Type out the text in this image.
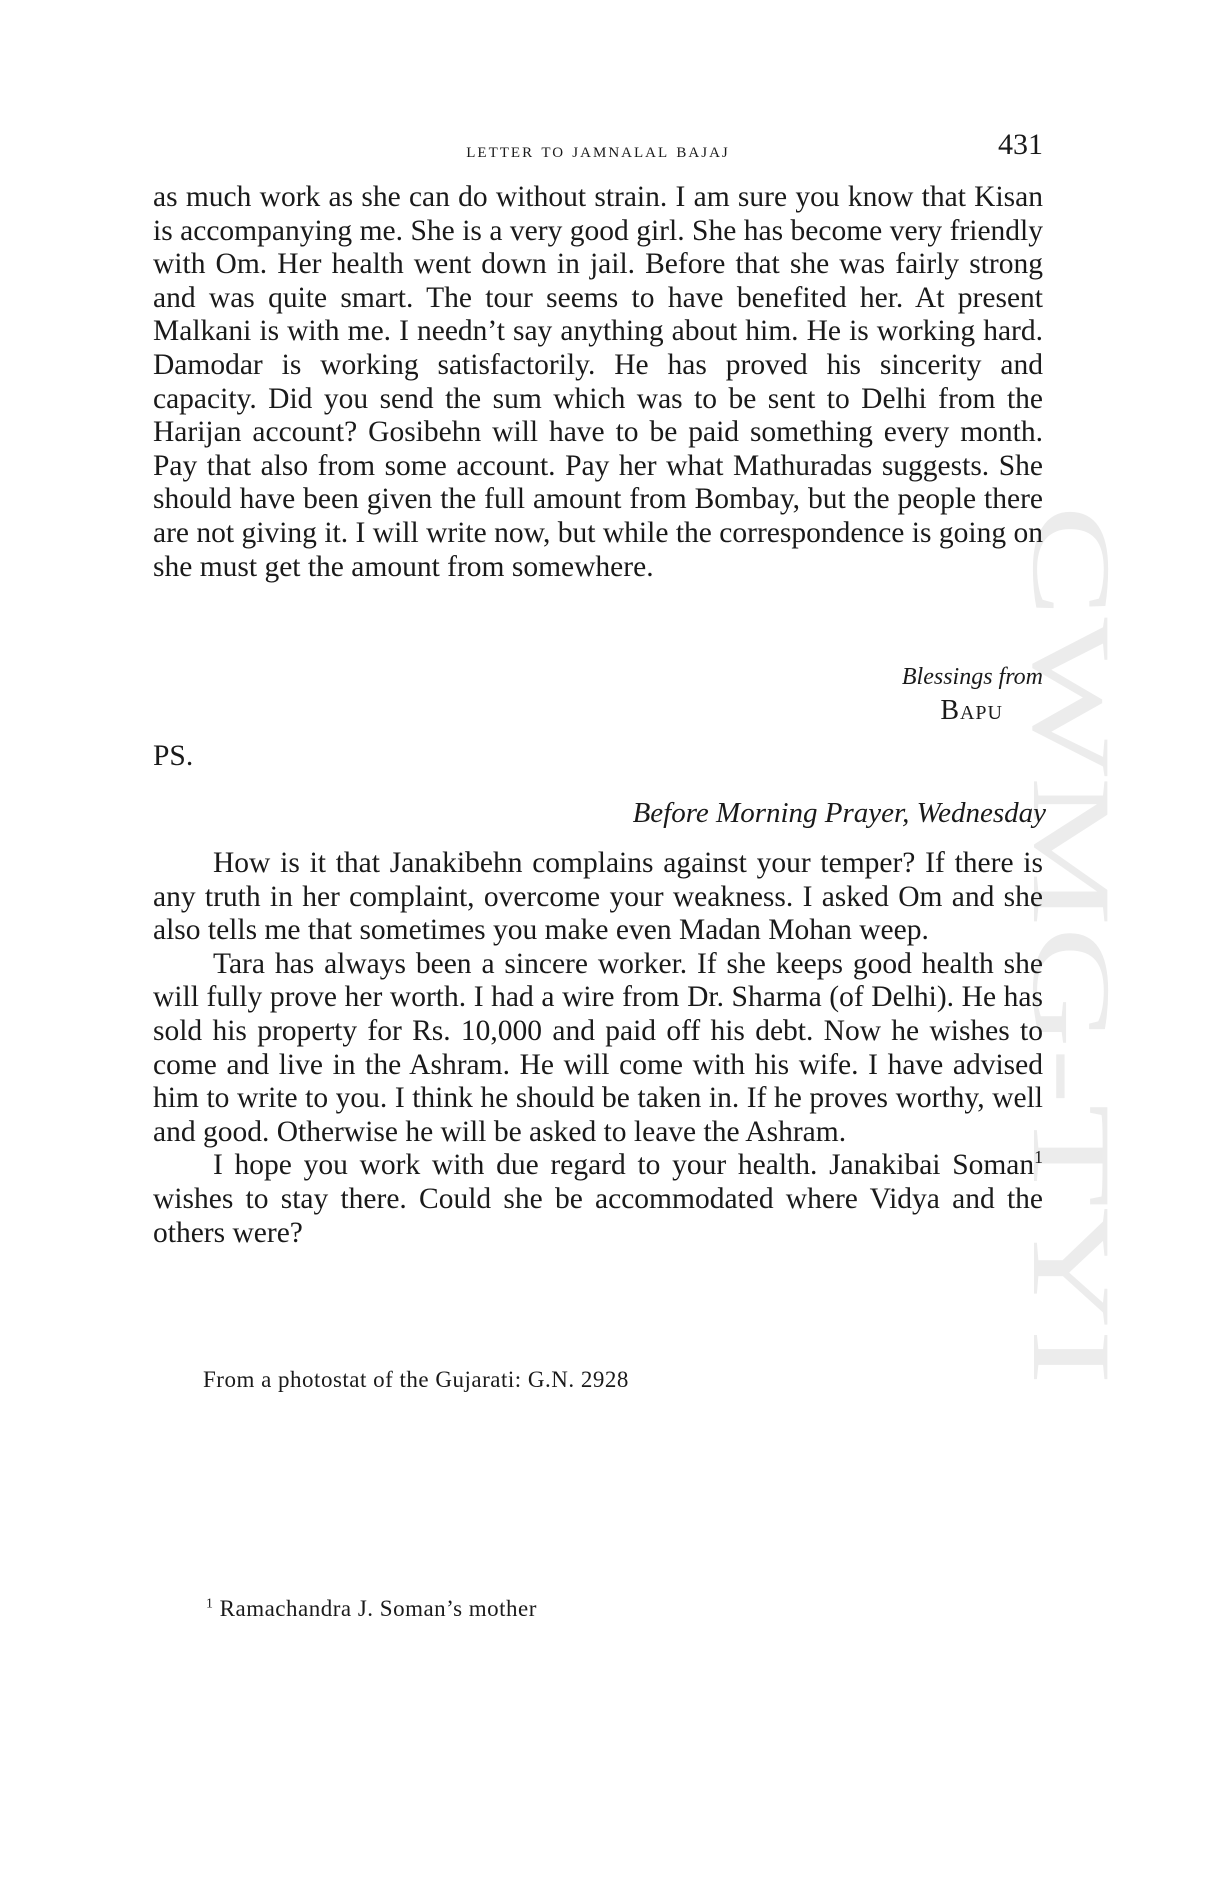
CWMG-TYI
letter to jamnalal bajaj	431

as much work as she can do without strain. I am sure you know that Kisan is accompanying me. She is a very good girl. She has become very friendly with Om. Her health went down in jail. Before that she was fairly strong and was quite smart. The tour seems to have benefited her. At present Malkani is with me. I needn’t say anything about him. He is working hard. Damodar is working satisfactorily. He has proved his sincerity and capacity. Did you send the sum which was to be sent to Delhi from the Harijan account? Gosibehn will have to be paid something every month. Pay that also from some account. Pay her what Mathuradas suggests. She should have been given the full amount from Bombay, but the people there are not giving it. I will write now, but while the correspondence is going on she must get the amount from somewhere.

Blessings from
Bapu
PS.
Before Morning Prayer, Wednesday

How is it that Janakibehn complains against your temper? If there is any truth in her complaint, overcome your weakness. I asked Om and she also tells me that sometimes you make even Madan Mohan weep.

Tara has always been a sincere worker. If she keeps good health she will fully prove her worth. I had a wire from Dr. Sharma (of Delhi). He has sold his property for Rs. 10,000 and paid off his debt. Now he wishes to come and live in the Ashram. He will come with his wife. I have advised him to write to you. I think he should be taken in. If he proves worthy, well and good. Otherwise he will be asked to leave the Ashram.

I hope you work with due regard to your health. Janakibai Soman$^1$ wishes to stay there. Could she be accommodated where Vidya and the others were?

From a photostat of the Gujarati: G.N. 2928
$^1$ Ramachandra J. Soman’s mother
